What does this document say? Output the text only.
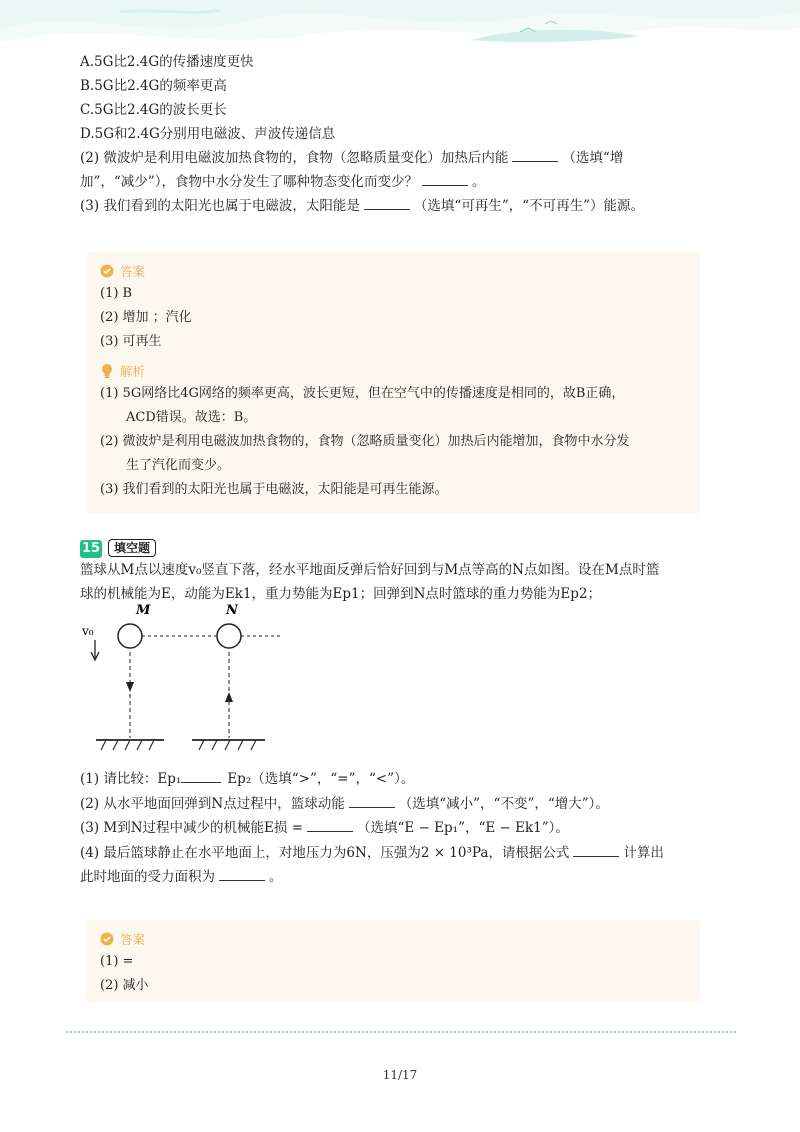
A.5G比2.4G的传播速度更快
B.5G比2.4G的频率更高
C.5G比2.4G的波长更长
D.5G和2.4G分别用电磁波、声波传递信息
(2) 微波炉是利用电磁波加热食物的，食物（忽略质量变化）加热后内能	（选填“增
加”，“减少”），食物中水分发生了哪种物态变化而变少？	。
(3) 我们看到的太阳光也属于电磁波，太阳能是	（选填“可再生”，“不可再生”）能源。
答案
(1) B
(2) 增加 ；汽化
(3) 可再生
解析
(1) 5G网络比4G网络的频率更高，波长更短，但在空气中的传播速度是相同的，故B正确，
ACD错误。故选：B。
(2) 微波炉是利用电磁波加热食物的，食物（忽略质量变化）加热后内能增加，食物中水分发
生了汽化而变少。
(3) 我们看到的太阳光也属于电磁波，太阳能是可再生能源。
15 填空题
篮球从M点以速度v₀竖直下落，经水平地面反弹后恰好回到与M点等高的N点如图。设在M点时篮
球的机械能为E，动能为Ek1，重力势能为Ep1；回弹到N点时篮球的重力势能为Ep2；
M	N
v₀
(1) 请比较：Ep₁	Ep₂（选填“>”，“=”，“<”）。
(2) 从水平地面回弹到N点过程中，篮球动能	（选填“减小”，“不变”，“增大”）。
(3) M到N过程中减少的机械能E损 =	（选填“E − Ep₁”，“E − Ek1”）。
(4) 最后篮球静止在水平地面上，对地压力为6N，压强为2 × 10³Pa，请根据公式	计算出
此时地面的受力面积为	。
答案
(1) =
(2) 减小
11/17
